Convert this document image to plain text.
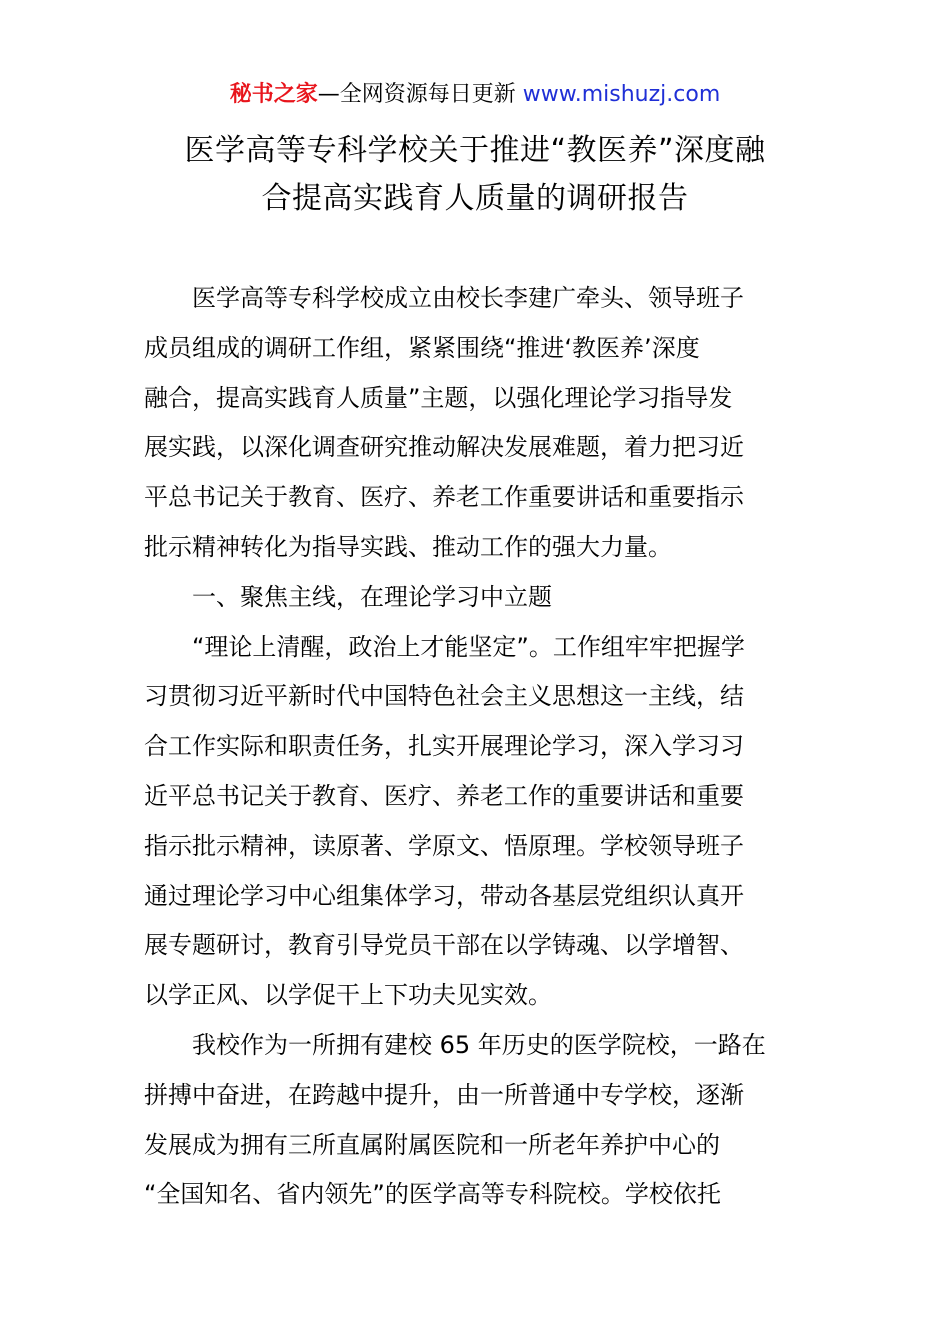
秘书之家—全网资源每日更新 www.mishuzj.com
医学高等专科学校关于推进“教医养”深度融
合提高实践育人质量的调研报告
医学高等专科学校成立由校长李建广牵头、领导班子
成员组成的调研工作组，紧紧围绕“推进‘教医养’深度
融合，提高实践育人质量”主题，以强化理论学习指导发
展实践，以深化调查研究推动解决发展难题，着力把习近
平总书记关于教育、医疗、养老工作重要讲话和重要指示
批示精神转化为指导实践、推动工作的强大力量。
一、聚焦主线，在理论学习中立题
“理论上清醒，政治上才能坚定”。工作组牢牢把握学
习贯彻习近平新时代中国特色社会主义思想这一主线，结
合工作实际和职责任务，扎实开展理论学习，深入学习习
近平总书记关于教育、医疗、养老工作的重要讲话和重要
指示批示精神，读原著、学原文、悟原理。学校领导班子
通过理论学习中心组集体学习，带动各基层党组织认真开
展专题研讨，教育引导党员干部在以学铸魂、以学增智、
以学正风、以学促干上下功夫见实效。
我校作为一所拥有建校 65 年历史的医学院校，一路在
拼搏中奋进，在跨越中提升，由一所普通中专学校，逐渐
发展成为拥有三所直属附属医院和一所老年养护中心的
“全国知名、省内领先”的医学高等专科院校。学校依托
